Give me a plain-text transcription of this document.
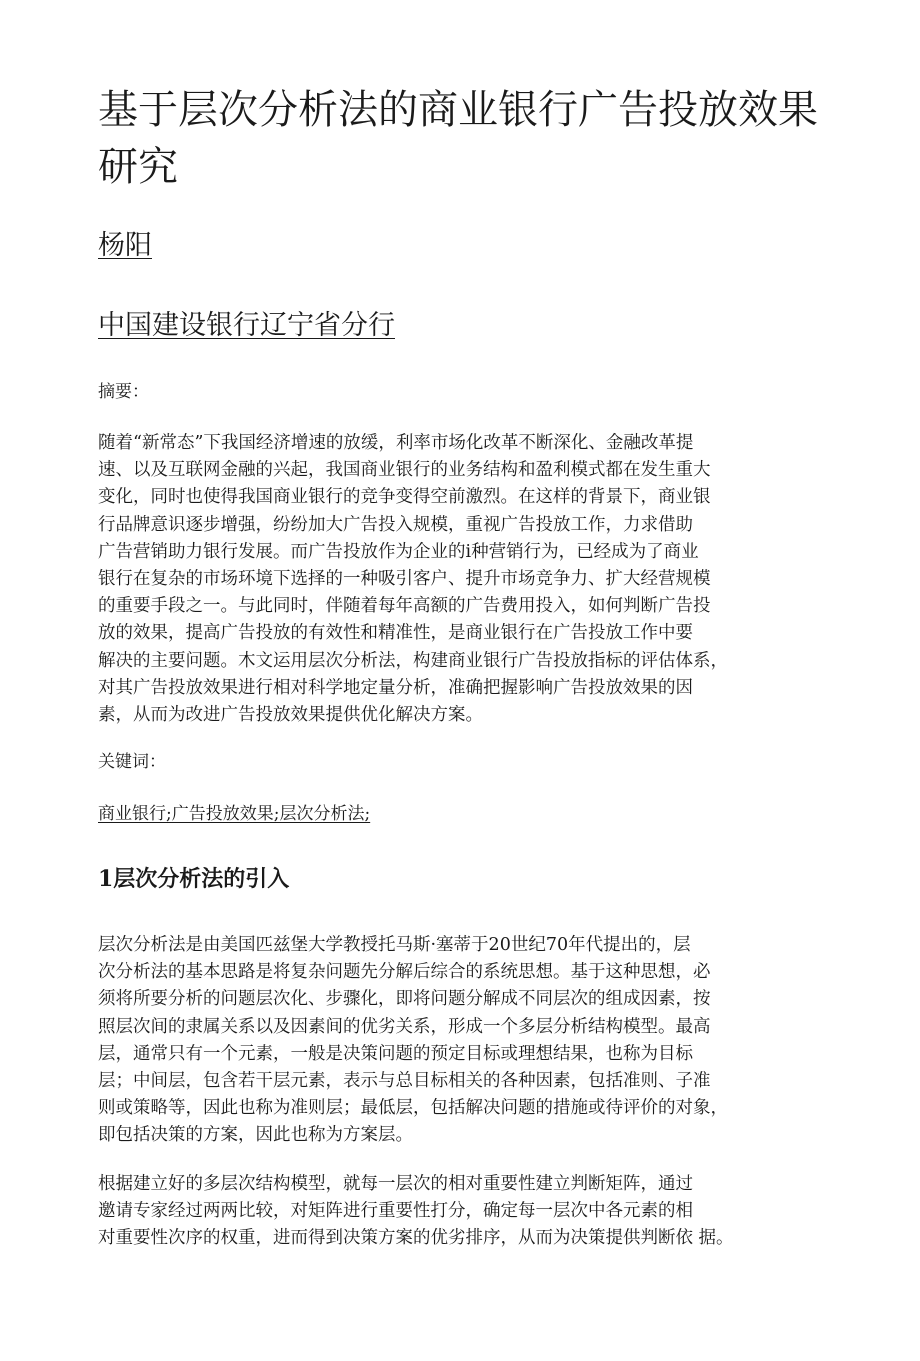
基于层次分析法的商业银行广告投放效果研究

杨阳

中国建设银行辽宁省分行

摘要：

随着“新常态”下我国经济增速的放缓，利率市场化改革不断深化、金融改革提
速、以及互联网金融的兴起，我国商业银行的业务结构和盈利模式都在发生重大
变化，同时也使得我国商业银行的竞争变得空前激烈。在这样的背景下，商业银
行品牌意识逐步增强，纷纷加大广告投入规模，重视广告投放工作，力求借助
广告营销助力银行发展。而广告投放作为企业的i种营销行为，已经成为了商业
银行在复杂的市场环境下选择的一种吸引客户、提升市场竞争力、扩大经营规模
的重要手段之一。与此同时，伴随着每年高额的广告费用投入，如何判断广告投
放的效果，提高广告投放的有效性和精准性，是商业银行在广告投放工作中要
解决的主要问题。木文运用层次分析法，构建商业银行广告投放指标的评估体系，
对其广告投放效果进行相对科学地定量分析，准确把握影响广告投放效果的因
素，从而为改进广告投放效果提供优化解决方案。

关键词：

商业银行;广告投放效果;层次分析法;

1层次分析法的引入
层次分析法是由美国匹兹堡大学教授托马斯·塞蒂于20世纪70年代提出的，层
次分析法的基本思路是将复杂问题先分解后综合的系统思想。基于这种思想，必
须将所要分析的问题层次化、步骤化，即将问题分解成不同层次的组成因素，按
照层次间的隶属关系以及因素间的优劣关系，形成一个多层分析结构模型。最高
层，通常只有一个元素，一般是决策问题的预定目标或理想结果，也称为目标
层；中间层，包含若干层元素，表示与总目标相关的各种因素，包括准则、子准
则或策略等，因此也称为准则层；最低层，包括解决问题的措施或待评价的对象，
即包括决策的方案，因此也称为方案层。
根据建立好的多层次结构模型，就每一层次的相对重要性建立判断矩阵，通过
邀请专家经过两两比较，对矩阵进行重要性打分，确定每一层次中各元素的相
对重要性次序的权重，进而得到决策方案的优劣排序，从而为决策提供判断依 据。
